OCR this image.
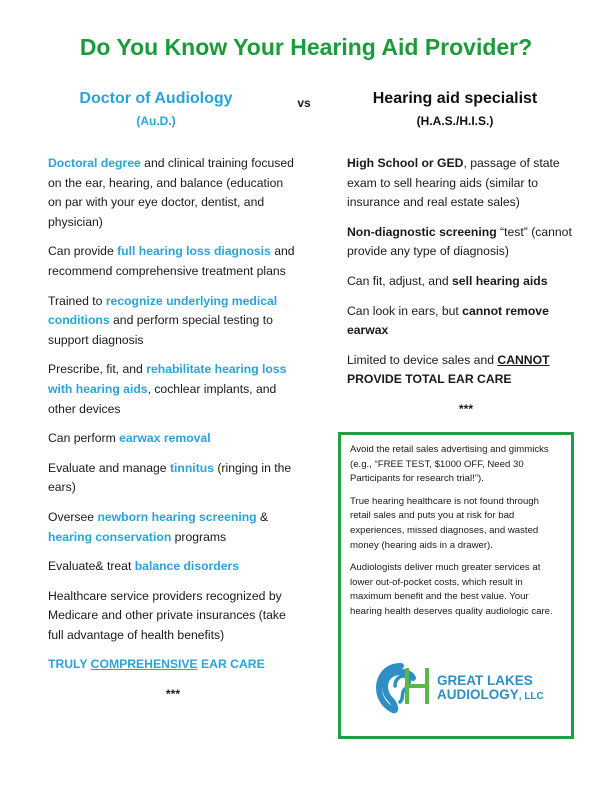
Do You Know Your Hearing Aid Provider?
Doctor of Audiology
(Au.D.)
vs	Hearing aid specialist
(H.A.S./H.I.S.)

Doctoral degree and clinical training focused on the ear, hearing, and balance (education on par with your eye doctor, dentist, and physician)

Can provide full hearing loss diagnosis and recommend comprehensive treatment plans

Trained to recognize underlying medical conditions and perform special testing to support diagnosis

Prescribe, fit, and rehabilitate hearing loss with hearing aids, cochlear implants, and other devices

Can perform earwax removal

Evaluate and manage tinnitus (ringing in the ears)

Oversee newborn hearing screening & hearing conservation programs

Evaluate& treat balance disorders

Healthcare service providers recognized by Medicare and other private insurances (take full advantage of health benefits)

TRULY COMPREHENSIVE EAR CARE

***

High School or GED, passage of state exam to sell hearing aids (similar to insurance and real estate sales)

Non-diagnostic screening “test” (cannot provide any type of diagnosis)

Can fit, adjust, and sell hearing aids

Can look in ears, but cannot remove earwax

Limited to device sales and CANNOT PROVIDE TOTAL EAR CARE

***

Avoid the retail sales advertising and gimmicks (e.g., “FREE TEST, $1000 OFF, Need 30 Participants for research trial!”).

True hearing healthcare is not found through retail sales and puts you at risk for bad experiences, missed diagnoses, and wasted money (hearing aids in a drawer).

Audiologists deliver much greater services at lower out-of-pocket costs, which result in maximum benefit and the best value. Your hearing health deserves quality audiologic care.

GREAT LAKES
AUDIOLOGY, LLC
